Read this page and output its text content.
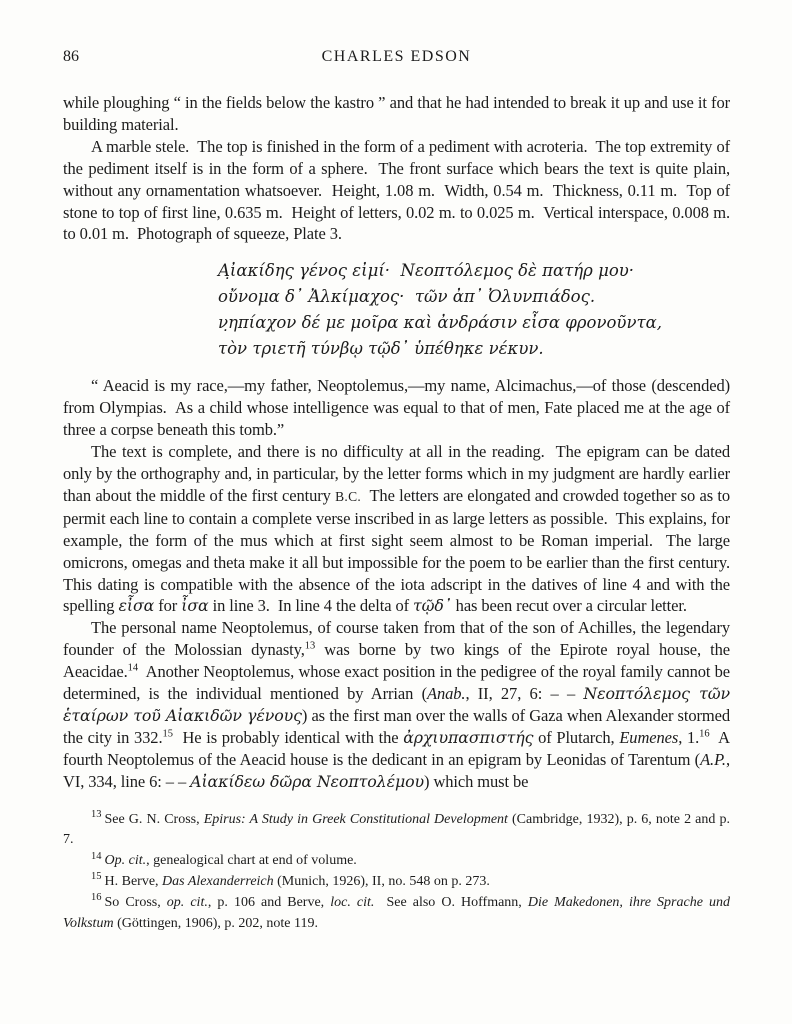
86	CHARLES EDSON

while ploughing “ in the fields below the kastro ” and that he had intended to break it up and use it for building material.

A marble stele.  The top is finished in the form of a pediment with acroteria.  The top extremity of the pediment itself is in the form of a sphere.  The front surface which bears the text is quite plain, without any ornamentation whatsoever.  Height, 1.08 m.  Width, 0.54 m.  Thickness, 0.11 m.  Top of stone to top of first line, 0.635 m.  Height of letters, 0.02 m. to 0.025 m.  Vertical interspace, 0.008 m. to 0.01 m.  Photograph of squeeze, Plate 3.

Α̣ἰακίδης γένος εἰμί·  Νεοπτόλεμος δὲ πατήρ μου·
οὔνομα δ᾽ Ἀλκίμαχος·  τῶν ἀπ᾽ Ὀλυνπιάδος.
ν̣ηπίαχον δέ με μοῖρα καὶ ἀνδράσιν εἶσα φρονοῦντα,
τὸν τριετῆ τύνβῳ τῷδ᾽ ὑπέθηκε νέκυν.

“ Aeacid is my race,—my father, Neoptolemus,—my name, Alcimachus,—of those (descended) from Olympias.  As a child whose intelligence was equal to that of men, Fate placed me at the age of three a corpse beneath this tomb.”

The text is complete, and there is no difficulty at all in the reading.  The epigram can be dated only by the orthography and, in particular, by the letter forms which in my judgment are hardly earlier than about the middle of the first century B.C.  The letters are elongated and crowded together so as to permit each line to contain a complete verse inscribed in as large letters as possible.  This explains, for example, the form of the mus which at first sight seem almost to be Roman imperial.  The large omicrons, omegas and theta make it all but impossible for the poem to be earlier than the first century.  This dating is compatible with the absence of the iota adscript in the datives of line 4 and with the spelling εἶσα for ἶσα in line 3.  In line 4 the delta of τῷδ᾽ has been recut over a circular letter.

The personal name Neoptolemus, of course taken from that of the son of Achilles, the legendary founder of the Molossian dynasty,$^{13}$ was borne by two kings of the Epirote royal house, the Aeacidae.$^{14}$  Another Neoptolemus, whose exact position in the pedigree of the royal family cannot be determined, is the individual mentioned by Arrian (Anab., II, 27, 6: – – Νεοπτόλεμος τῶν ἑταίρων τοῦ Αἰακιδῶν γένους) as the first man over the walls of Gaza when Alexander stormed the city in 332.15  He is probably identical with the ἀρχιυπασπιστής of Plutarch, Eumenes, 1.16  A fourth Neoptolemus of the Aeacid house is the dedicant in an epigram by Leonidas of Tarentum (A.P., VI, 334, line 6: – – Αἰακίδεω δῶρα Νεοπτολέμου) which must be

$^{13}$ See G. N. Cross, Epirus: A Study in Greek Constitutional Development (Cambridge, 1932), p. 6, note 2 and p. 7.

$^{14}$ Op. cit., genealogical chart at end of volume.

$^{15}$ H. Berve, Das Alexanderreich (Munich, 1926), II, no. 548 on p. 273.

$^{16}$ So Cross, op. cit., p. 106 and Berve, loc. cit.  See also O. Hoffmann, Die Makedonen, ihre Sprache und Volkstum (Göttingen, 1906), p. 202, note 119.
